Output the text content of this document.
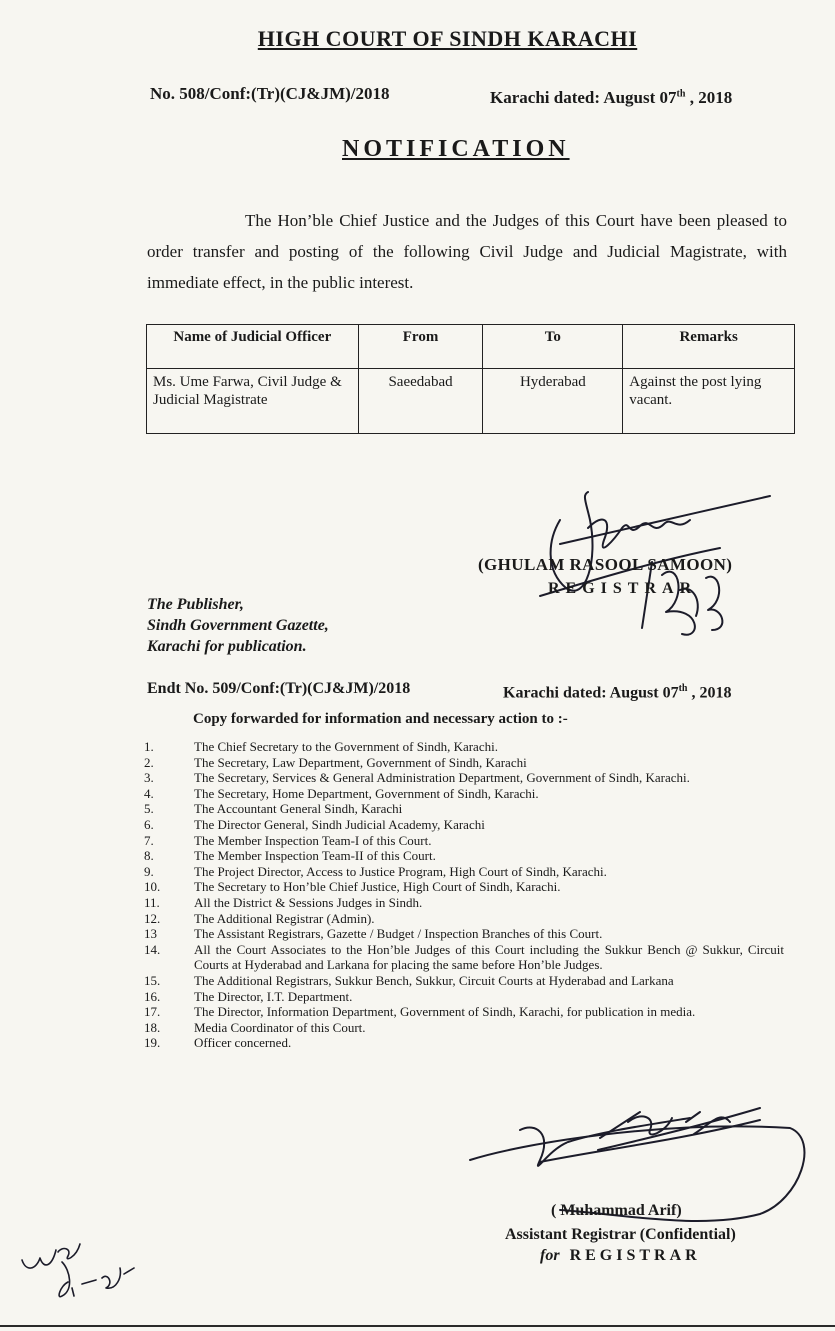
HIGH COURT OF SINDH KARACHI
No. 508/Conf:(Tr)(CJ&JM)/2018	Karachi dated: August 07th , 2018
NOTIFICATION
The Hon’ble Chief Justice and the Judges of this Court have been pleased to order transfer and posting of the following Civil Judge and Judicial Magistrate, with immediate effect, in the public interest.
Name of Judicial Officer	From	To	Remarks
Ms. Ume Farwa, Civil Judge & Judicial Magistrate	Saeedabad	Hyderabad	Against the post lying vacant.
(GHULAM RASOOL SAMOON)
REGISTRAR
The Publisher,
Sindh Government Gazette,
Karachi for publication.
Endt No. 509/Conf:(Tr)(CJ&JM)/2018	Karachi dated: August 07th , 2018
Copy forwarded for information and necessary action to :-
1.	The Chief Secretary to the Government of Sindh, Karachi.
2.	The Secretary, Law Department, Government of Sindh, Karachi
3.	The Secretary, Services & General Administration Department, Government of Sindh, Karachi.
4.	The Secretary, Home Department, Government of Sindh, Karachi.
5.	The Accountant General Sindh, Karachi
6.	The Director General, Sindh Judicial Academy, Karachi
7.	The Member Inspection Team-I of this Court.
8.	The Member Inspection Team-II of this Court.
9.	The Project Director, Access to Justice Program, High Court of Sindh, Karachi.
10.	The Secretary to Hon’ble Chief Justice, High Court of Sindh, Karachi.
11.	All the District & Sessions Judges in Sindh.
12.	The Additional Registrar (Admin).
13	The Assistant Registrars, Gazette / Budget / Inspection Branches of this Court.
14.	All the Court Associates to the Hon’ble Judges of this Court including the Sukkur Bench @ Sukkur, Circuit Courts at Hyderabad and Larkana for placing the same before Hon’ble Judges.
15.	The Additional Registrars, Sukkur Bench, Sukkur, Circuit Courts at Hyderabad and Larkana
16.	The Director, I.T. Department.
17.	The Director, Information Department, Government of Sindh, Karachi, for publication in media.
18.	Media Coordinator of this Court.
19.	Officer concerned.
( Muhammad Arif)
Assistant Registrar (Confidential)
for REGISTRAR
